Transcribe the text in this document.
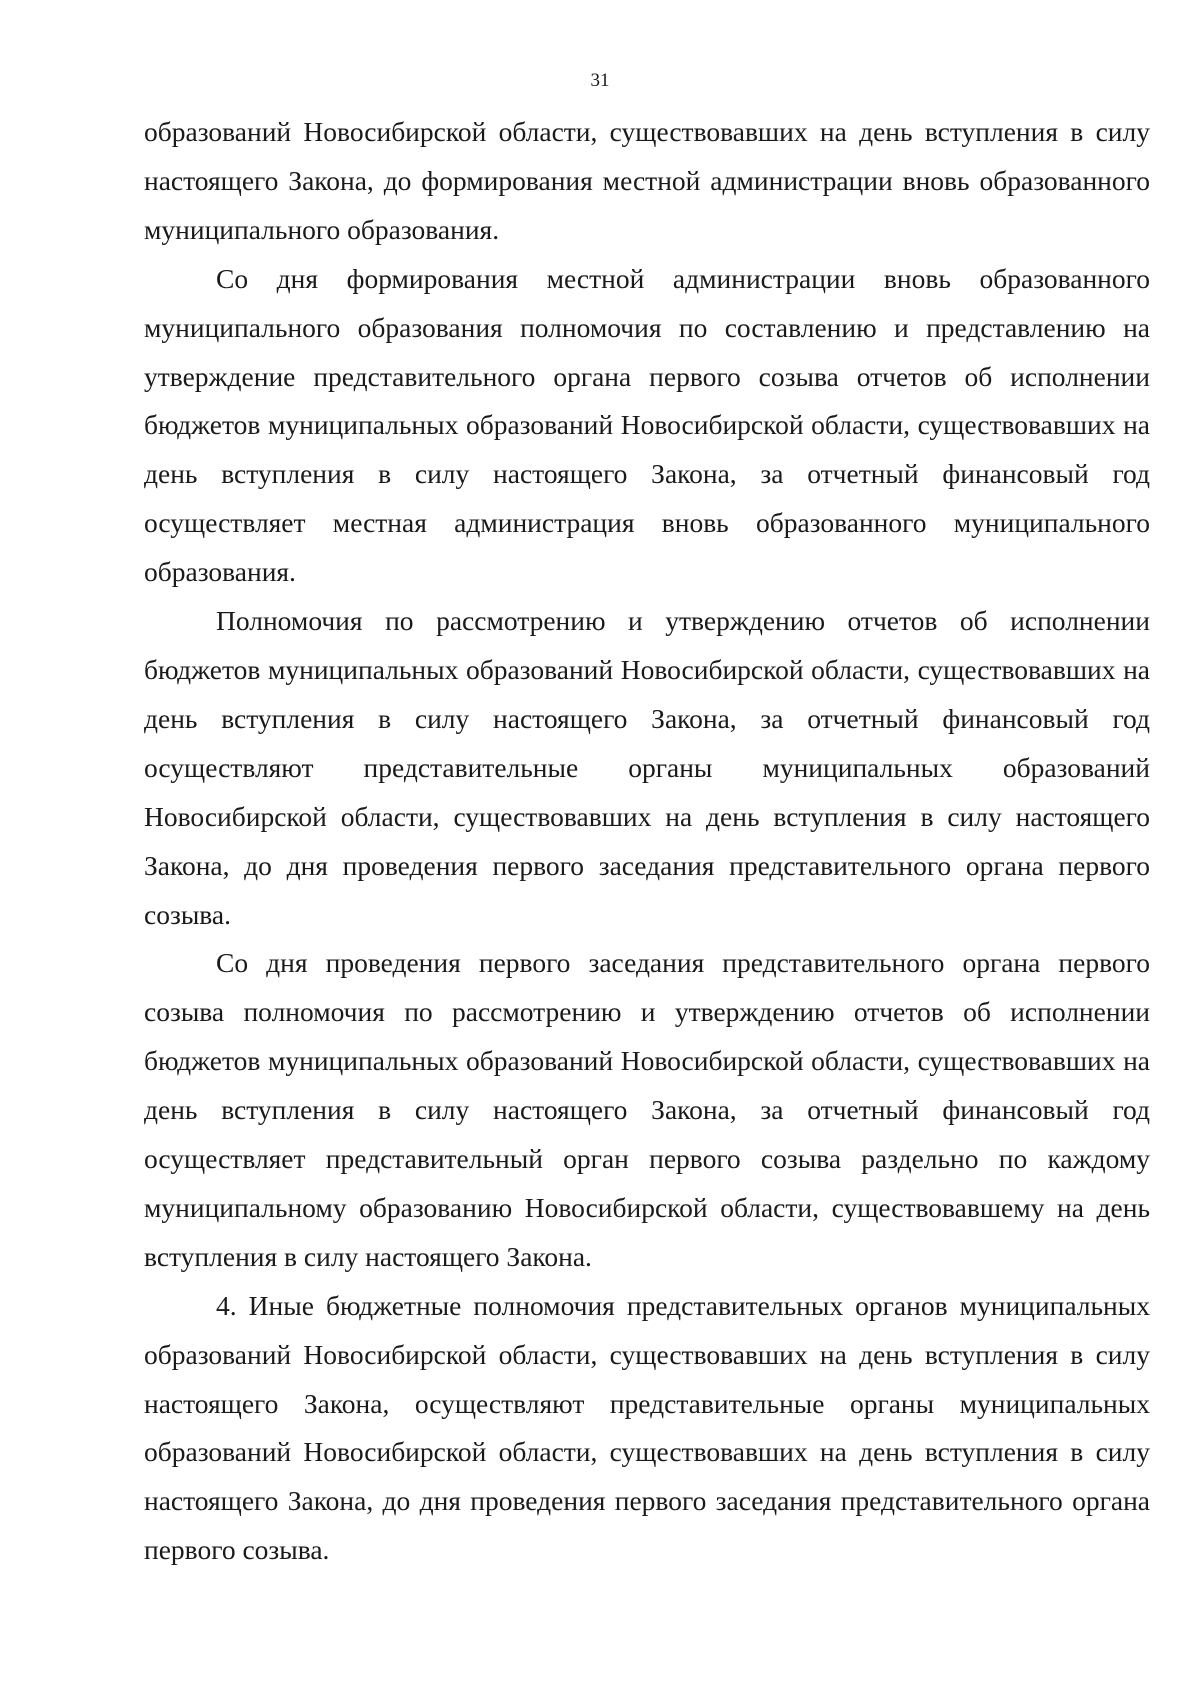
31

образований Новосибирской области, существовавших на день вступления в силу настоящего Закона, до формирования местной администрации вновь образованного муниципального образования.

Со дня формирования местной администрации вновь образованного муниципального образования полномочия по составлению и представлению на утверждение представительного органа первого созыва отчетов об исполнении бюджетов муниципальных образований Новосибирской области, существовавших на день вступления в силу настоящего Закона, за отчетный финансовый год осуществляет местная администрация вновь образованного муниципального образования.

Полномочия по рассмотрению и утверждению отчетов об исполнении бюджетов муниципальных образований Новосибирской области, существовавших на день вступления в силу настоящего Закона, за отчетный финансовый год осуществляют представительные органы муниципальных образований Новосибирской области, существовавших на день вступления в силу настоящего Закона, до дня проведения первого заседания представительного органа первого созыва.

Со дня проведения первого заседания представительного органа первого созыва полномочия по рассмотрению и утверждению отчетов об исполнении бюджетов муниципальных образований Новосибирской области, существовавших на день вступления в силу настоящего Закона, за отчетный финансовый год осуществляет представительный орган первого созыва раздельно по каждому муниципальному образованию Новосибирской области, существовавшему на день вступления в силу настоящего Закона.

4. Иные бюджетные полномочия представительных органов муниципальных образований Новосибирской области, существовавших на день вступления в силу настоящего Закона, осуществляют представительные органы муниципальных образований Новосибирской области, существовавших на день вступления в силу настоящего Закона, до дня проведения первого заседания представительного органа первого созыва.
